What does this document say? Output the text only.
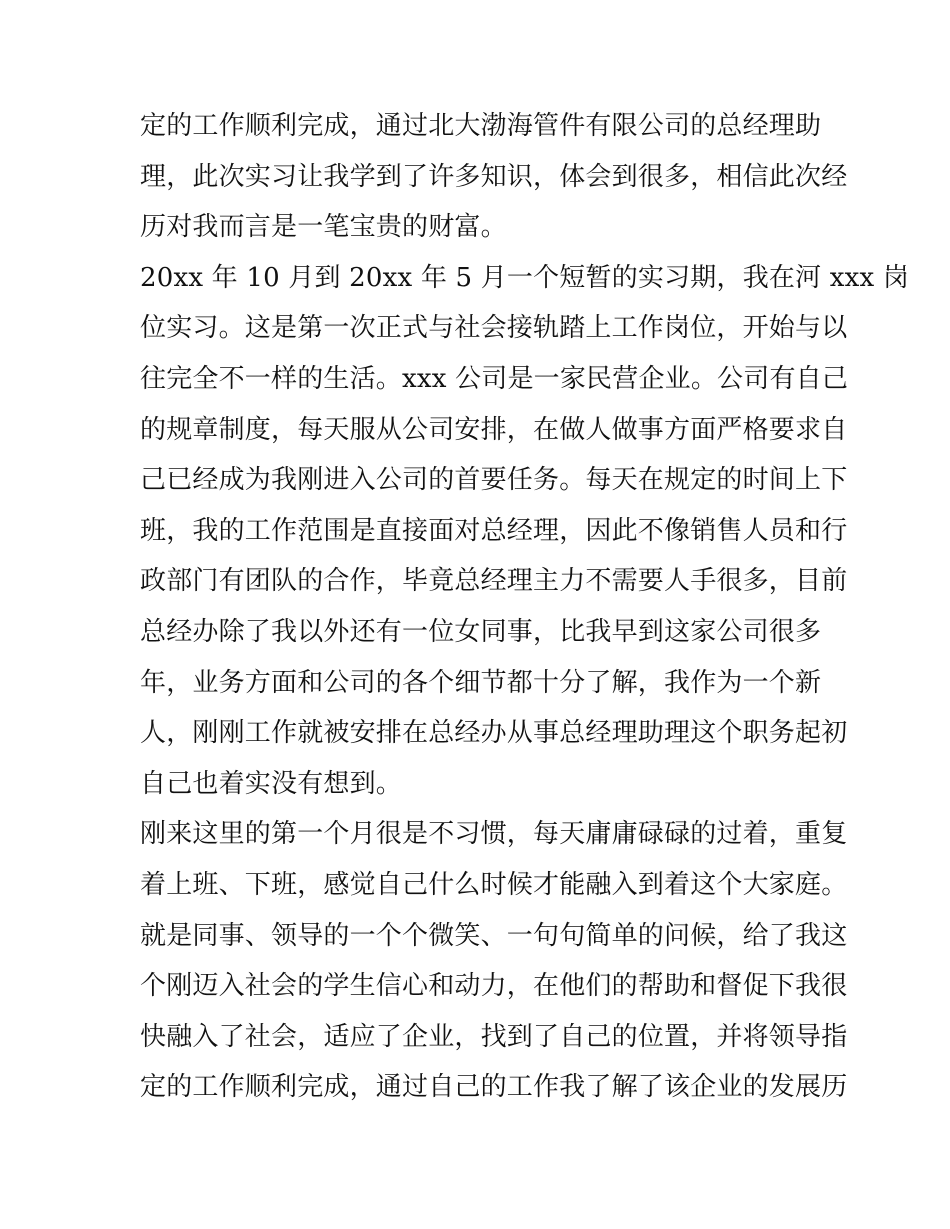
定的工作顺利完成，通过北大渤海管件有限公司的总经理助
理，此次实习让我学到了许多知识，体会到很多，相信此次经
历对我而言是一笔宝贵的财富。
20xx 年 10 月到 20xx 年 5 月一个短暂的实习期，我在河 xxx 岗
位实习。这是第一次正式与社会接轨踏上工作岗位，开始与以
往完全不一样的生活。xxx 公司是一家民营企业。公司有自己
的规章制度，每天服从公司安排，在做人做事方面严格要求自
己已经成为我刚进入公司的首要任务。每天在规定的时间上下
班，我的工作范围是直接面对总经理，因此不像销售人员和行
政部门有团队的合作，毕竟总经理主力不需要人手很多，目前
总经办除了我以外还有一位女同事，比我早到这家公司很多
年，业务方面和公司的各个细节都十分了解，我作为一个新
人，刚刚工作就被安排在总经办从事总经理助理这个职务起初
自己也着实没有想到。
刚来这里的第一个月很是不习惯，每天庸庸碌碌的过着，重复
着上班、下班，感觉自己什么时候才能融入到着这个大家庭。
就是同事、领导的一个个微笑、一句句简单的问候，给了我这
个刚迈入社会的学生信心和动力，在他们的帮助和督促下我很
快融入了社会，适应了企业，找到了自己的位置，并将领导指
定的工作顺利完成，通过自己的工作我了解了该企业的发展历
